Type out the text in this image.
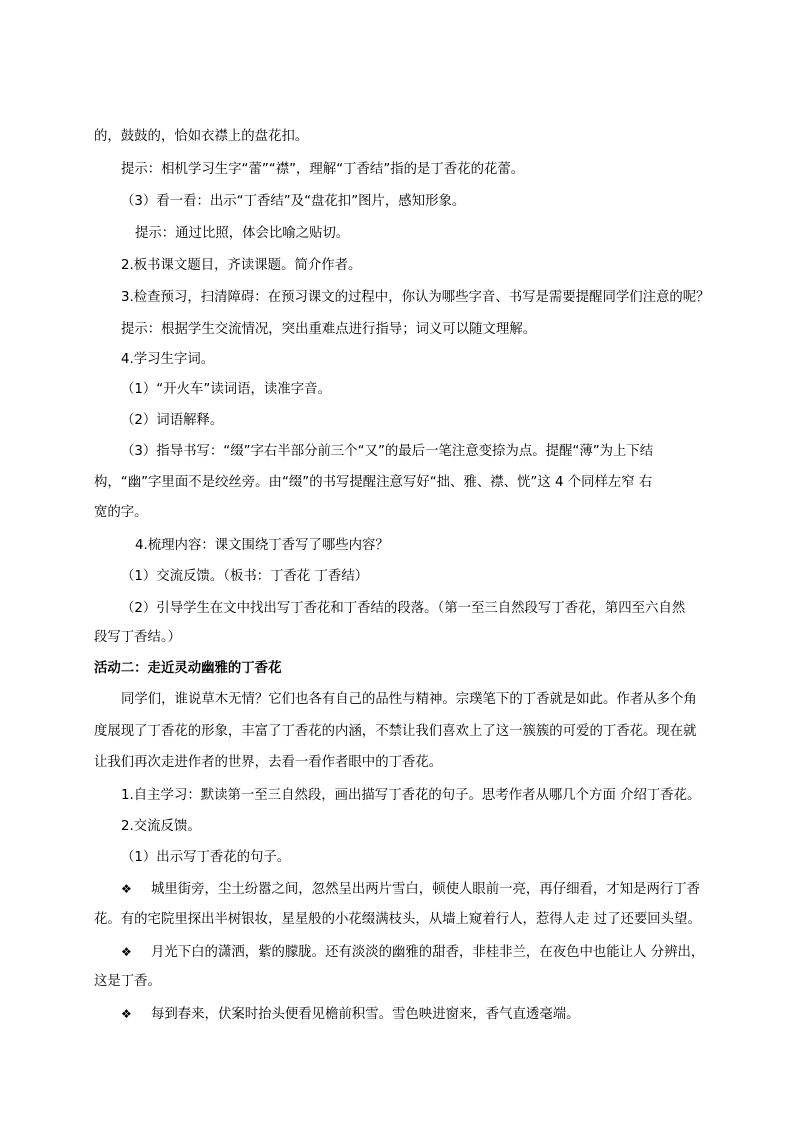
的，鼓鼓的，恰如衣襟上的盘花扣。
提示：相机学习生字“蕾”“襟”，理解“丁香结”指的是丁香花的花蕾。
（3）看一看：出示“丁香结”及“盘花扣”图片，感知形象。
提示：通过比照，体会比喻之贴切。
2.板书课文题目，齐读课题。简介作者。
3.检查预习，扫清障碍：在预习课文的过程中，你认为哪些字音、书写是需要提醒同学们注意的呢？
提示：根据学生交流情况，突出重难点进行指导；词义可以随文理解。
4.学习生字词。
（1）“开火车”读词语，读准字音。
（2）词语解释。
（3）指导书写：“缀”字右半部分前三个“又”的最后一笔注意变捺为点。提醒“薄”为上下结
构，“幽”字里面不是绞丝旁。由“缀”的书写提醒注意写好“拙、雅、襟、恍”这 4 个同样左窄 右
宽的字。
4.梳理内容：课文围绕丁香写了哪些内容？
（1）交流反馈。（板书：丁香花 丁香结）
（2）引导学生在文中找出写丁香花和丁香结的段落。（第一至三自然段写丁香花，第四至六自然
段写丁香结。）
活动二：走近灵动幽雅的丁香花
同学们，谁说草木无情？它们也各有自己的品性与精神。宗璞笔下的丁香就是如此。作者从多个角
度展现了丁香花的形象，丰富了丁香花的内涵，不禁让我们喜欢上了这一簇簇的可爱的丁香花。现在就
让我们再次走进作者的世界，去看一看作者眼中的丁香花。
1.自主学习：默读第一至三自然段，画出描写丁香花的句子。思考作者从哪几个方面 介绍丁香花。
2.交流反馈。
（1）出示写丁香花的句子。
❖ 城里街旁，尘土纷嚣之间，忽然呈出两片雪白，顿使人眼前一亮，再仔细看，才知是两行丁香
花。有的宅院里探出半树银妆，星星般的小花缀满枝头，从墙上窥着行人，惹得人走 过了还要回头望。
❖ 月光下白的潇洒，紫的朦胧。还有淡淡的幽雅的甜香，非桂非兰，在夜色中也能让人 分辨出，
这是丁香。
❖ 每到春来，伏案时抬头便看见檐前积雪。雪色映进窗来，香气直透毫端。
